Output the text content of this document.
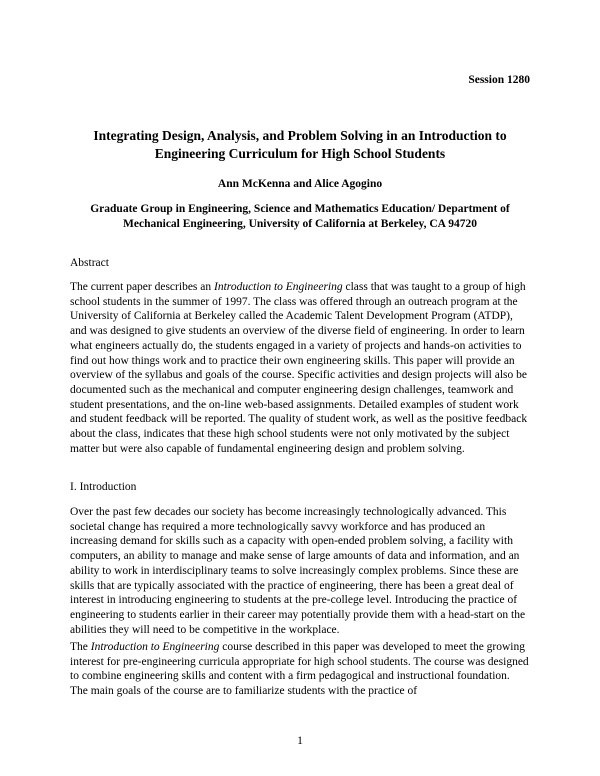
Session 1280
Integrating Design, Analysis, and Problem Solving in an Introduction to
Engineering Curriculum for High School Students
Ann McKenna and Alice Agogino
Graduate Group in Engineering, Science and Mathematics Education/ Department of
Mechanical Engineering, University of California at Berkeley, CA 94720
Abstract
The current paper describes an Introduction to Engineering class that was taught to a group of high school students in the summer of 1997. The class was offered through an outreach program at the University of California at Berkeley called the Academic Talent Development Program (ATDP), and was designed to give students an overview of the diverse field of engineering. In order to learn what engineers actually do, the students engaged in a variety of projects and hands-on activities to find out how things work and to practice their own engineering skills. This paper will provide an overview of the syllabus and goals of the course. Specific activities and design projects will also be documented such as the mechanical and computer engineering design challenges, teamwork and student presentations, and the on-line web-based assignments. Detailed examples of student work and student feedback will be reported. The quality of student work, as well as the positive feedback about the class, indicates that these high school students were not only motivated by the subject matter but were also capable of fundamental engineering design and problem solving.
I. Introduction
Over the past few decades our society has become increasingly technologically advanced. This societal change has required a more technologically savvy workforce and has produced an increasing demand for skills such as a capacity with open-ended problem solving, a facility with computers, an ability to manage and make sense of large amounts of data and information, and an ability to work in interdisciplinary teams to solve increasingly complex problems. Since these are skills that are typically associated with the practice of engineering, there has been a great deal of interest in introducing engineering to students at the pre-college level. Introducing the practice of engineering to students earlier in their career may potentially provide them with a head-start on the abilities they will need to be competitive in the workplace.
The Introduction to Engineering course described in this paper was developed to meet the growing interest for pre-engineering curricula appropriate for high school students. The course was designed to combine engineering skills and content with a firm pedagogical and instructional foundation. The main goals of the course are to familiarize students with the practice of
1
